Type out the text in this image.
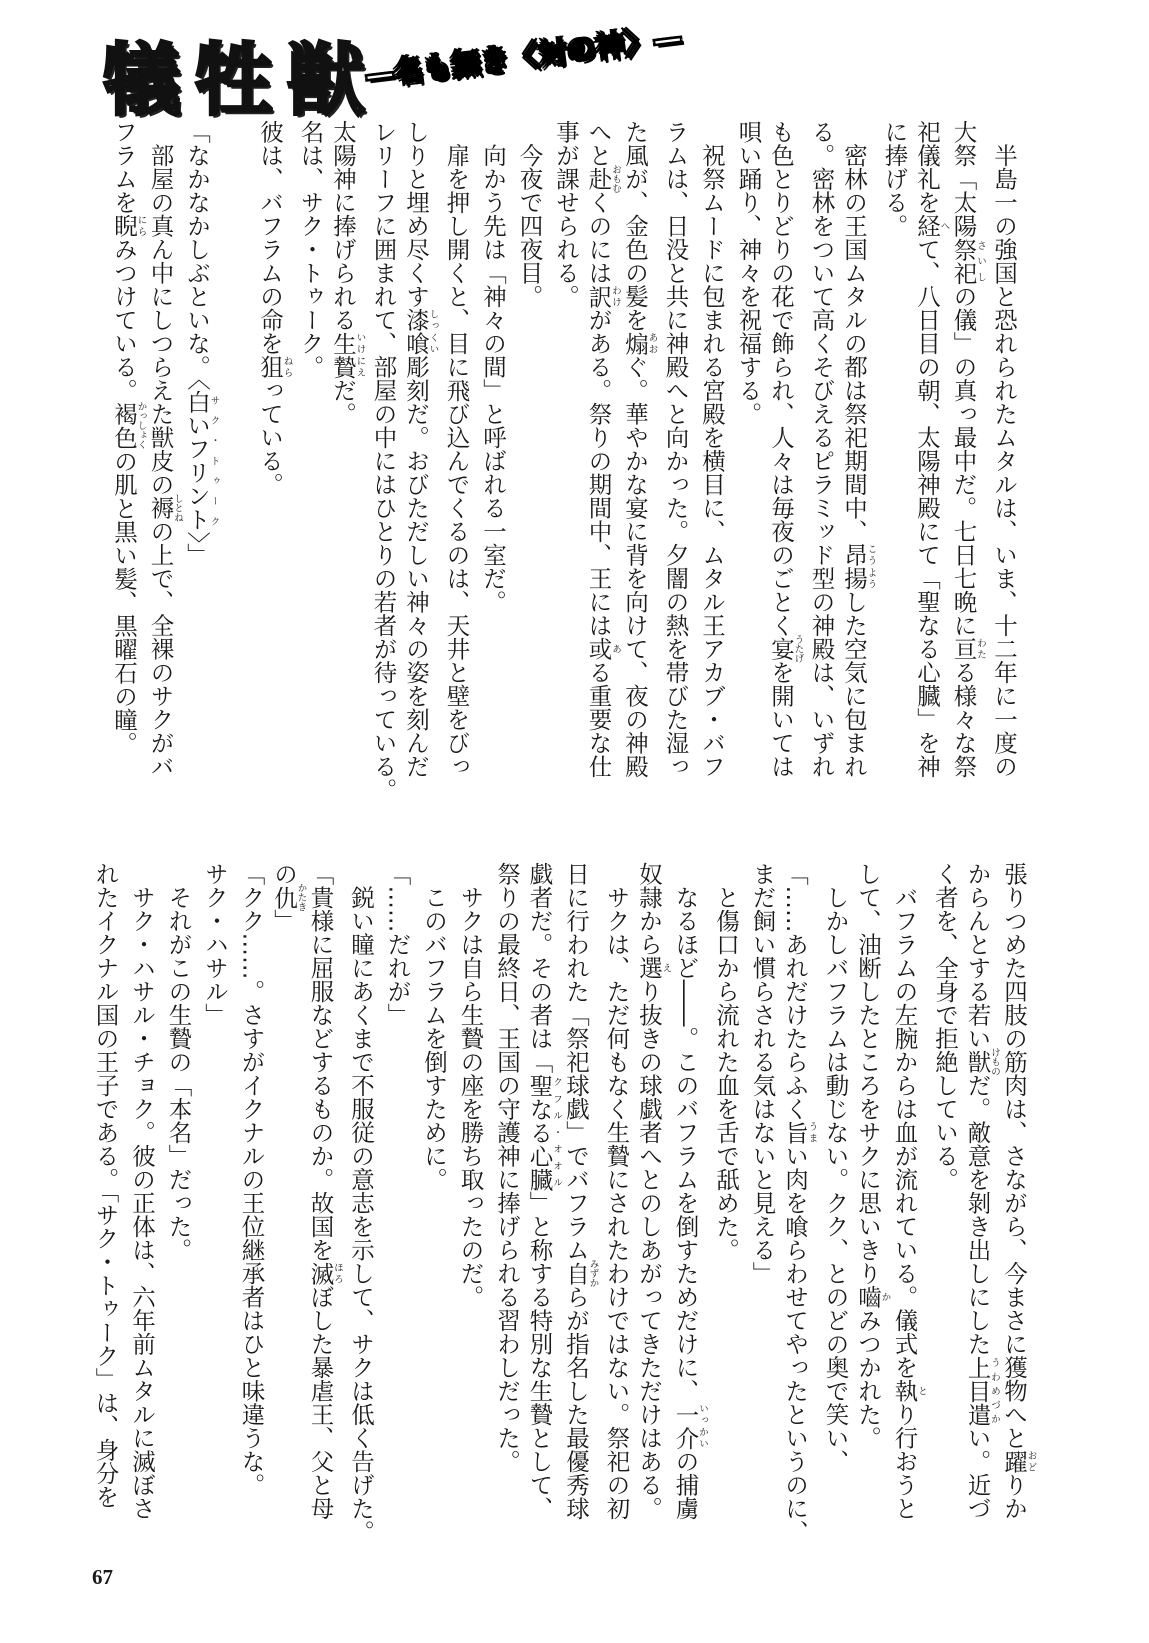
犠牲獣
—名も無き〈対の神〉—
　半島一の強国と恐れられたムタルは、いま、十二年に一度の
大祭「太陽祭祀さいしの儀」の真っ最中だ。七日七晩に亘わたる様々な祭
祀儀礼を経へて、八日目の朝、太陽神殿にて「聖なる心臓」を神
に捧げる。
　密林の王国ムタルの都は祭祀期間中、昂揚こうようした空気に包まれ
る。密林をついて高くそびえるピラミッド型の神殿は、いずれ
も色とりどりの花で飾られ、人々は毎夜のごとく宴うたげを開いては
唄い踊り、神々を祝福する。
　祝祭ムードに包まれる宮殿を横目に、ムタル王アカブ・バフ
ラムは、日没と共に神殿へと向かった。夕闇の熱を帯びた湿っ
た風が、金色の髪を煽あおぐ。華やかな宴に背を向けて、夜の神殿
へと赴おもむくのには訳わけがある。祭りの期間中、王には或ある重要な仕
事が課せられる。
　今夜で四夜目。
　向かう先は「神々の間」と呼ばれる一室だ。
　扉を押し開くと、目に飛び込んでくるのは、天井と壁をびっ
しりと埋め尽くす漆喰しっくい彫刻だ。おびただしい神々の姿を刻んだ
レリーフに囲まれて、部屋の中にはひとりの若者が待っている。
太陽神に捧げられる生贄いけにえだ。
名は、サク・トゥーク。
彼は、バフラムの命を狙ねらっている。
「なかなかしぶといな。〈白いフリントサク・トゥーク〉」
　部屋の真ん中にしつらえた獣皮の褥しとねの上で、全裸のサクがバ
フラムを睨にらみつけている。褐色かっしょくの肌と黒い髪、黒曜石の瞳。
張りつめた四肢の筋肉は、さながら、今まさに獲物へと躍おどりか
からんとする若い獣けものだ。敵意を剝き出しにした上目遣うわめづかい。近づ
く者を、全身で拒絶している。
　バフラムの左腕からは血が流れている。儀式を執とり行おうと
して、油断したところをサクに思いきり嚙かみつかれた。
　しかしバフラムは動じない。クク、とのどの奥で笑い、
「……あれだけたらふく旨うまい肉を喰らわせてやったというのに、
まだ飼い慣らされる気はないと見える」
　と傷口から流れた血を舌で舐めた。
　なるほど――。このバフラムを倒すためだけに、一介いっかいの捕虜
奴隷から選えり抜きの球戯者へとのしあがってきただけはある。
　サクは、ただ何もなく生贄にされたわけではない。祭祀の初
日に行われた「祭祀球戯」でバフラム自みずからが指名した最優秀球
戯者だ。その者は「聖なる心臓クフル・オオル」と称する特別な生贄として、
祭りの最終日、王国の守護神に捧げられる習わしだった。
　サクは自ら生贄の座を勝ち取ったのだ。
　このバフラムを倒すために。
「……だれが」
　鋭い瞳にあくまで不服従の意志を示して、サクは低く告げた。
「貴様に屈服などするものか。故国を滅ほろぼした暴虐王、父と母
の仇かたき」
「クク……。さすがイクナルの王位継承者はひと味違うな。
サク・ハサル」
　それがこの生贄の「本名」だった。
　サク・ハサル・チョク。彼の正体は、六年前ムタルに滅ぼさ
れたイクナル国の王子である。「サク・トゥーク」は、身分を
67
